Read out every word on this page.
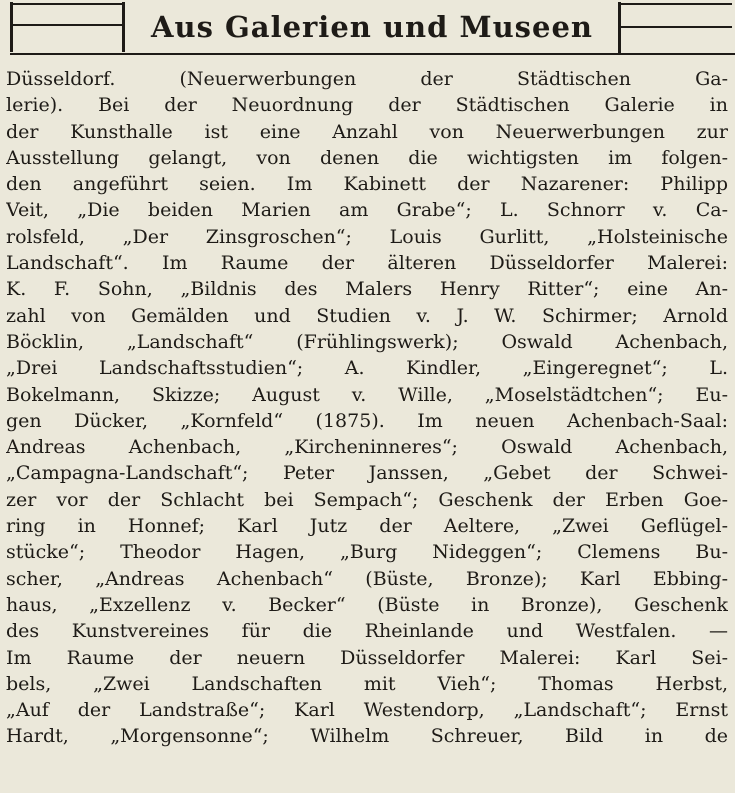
Aus Galerien und Museen
Düsseldorf. (Neuerwerbungen der Städtischen Ga-
lerie). Bei der Neuordnung der Städtischen Galerie in
der Kunsthalle ist eine Anzahl von Neuerwerbungen zur
Ausstellung gelangt, von denen die wichtigsten im folgen-
den angeführt seien. Im Kabinett der Nazarener: Philipp
Veit, „Die beiden Marien am Grabe“; L. Schnorr v. Ca-
rolsfeld, „Der Zinsgroschen“; Louis Gurlitt, „Holsteinische
Landschaft“. Im Raume der älteren Düsseldorfer Malerei:
K. F. Sohn, „Bildnis des Malers Henry Ritter“; eine An-
zahl von Gemälden und Studien v. J. W. Schirmer; Arnold
Böcklin, „Landschaft“ (Frühlingswerk); Oswald Achenbach,
„Drei Landschaftsstudien“; A. Kindler, „Eingeregnet“; L.
Bokelmann, Skizze; August v. Wille, „Moselstädtchen“; Eu-
gen Dücker, „Kornfeld“ (1875). Im neuen Achenbach-Saal:
Andreas Achenbach, „Kircheninneres“; Oswald Achenbach,
„Campagna-Landschaft“; Peter Janssen, „Gebet der Schwei-
zer vor der Schlacht bei Sempach“; Geschenk der Erben Goe-
ring in Honnef; Karl Jutz der Aeltere, „Zwei Geflügel-
stücke“; Theodor Hagen, „Burg Nideggen“; Clemens Bu-
scher, „Andreas Achenbach“ (Büste, Bronze); Karl Ebbing-
haus, „Exzellenz v. Becker“ (Büste in Bronze), Geschenk
des Kunstvereines für die Rheinlande und Westfalen. —
Im Raume der neuern Düsseldorfer Malerei: Karl Sei-
bels, „Zwei Landschaften mit Vieh“; Thomas Herbst,
„Auf der Landstraße“; Karl Westendorp, „Landschaft“; Ernst
Hardt, „Morgensonne“; Wilhelm Schreuer, Bild in de
